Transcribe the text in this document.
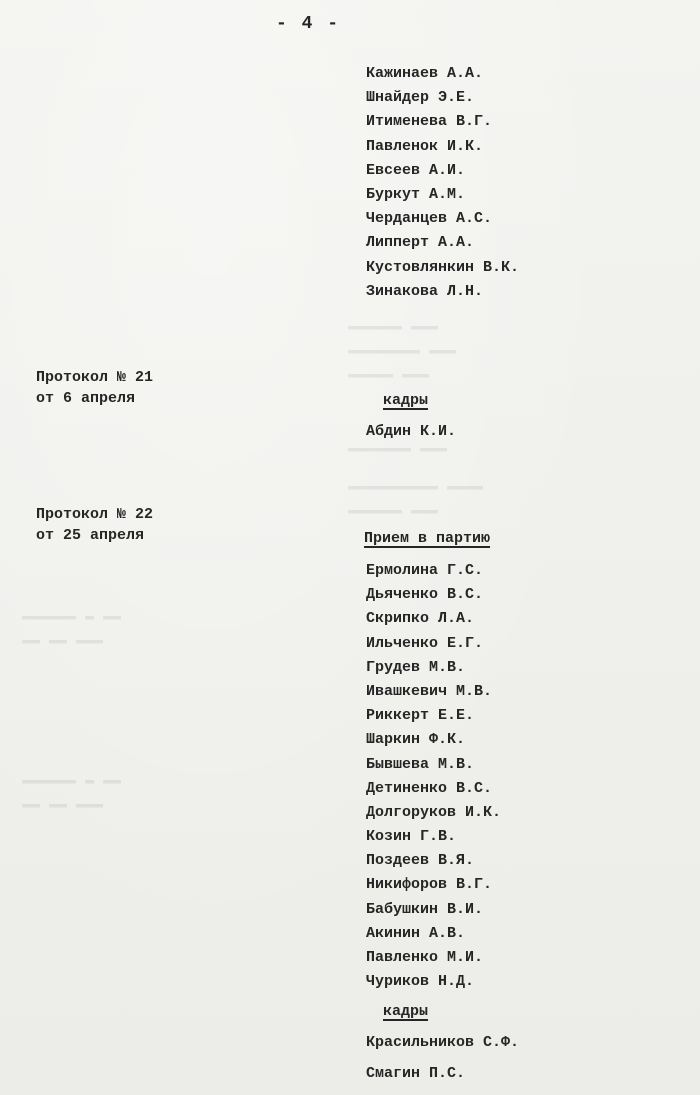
▬▬▬▬▬▬ ▬ ▬▬
▬▬ ▬▬ ▬▬▬
▬▬▬▬▬▬ ▬ ▬▬
▬▬ ▬▬ ▬▬▬
▬▬▬▬▬▬ ▬▬▬
▬▬▬▬▬▬▬▬ ▬▬▬
▬▬▬▬▬ ▬▬▬
▬▬▬▬▬▬▬ ▬▬▬
▬▬▬▬▬▬▬▬▬▬ ▬▬▬▬
▬▬▬▬▬▬ ▬▬▬
- 4 -
Кажинаев А.А.
Шнайдер Э.Е.
Итименева В.Г.
Павленок И.К.
Евсеев А.И.
Буркут А.М.
Черданцев А.С.
Липперт А.А.
Кустовлянкин В.К.
Зинакова Л.Н.
Протокол № 21
от 6 апреля	кадры
Абдин К.И.
Протокол № 22
от 25 апреля	Прием в партию
Ермолина Г.С.
Дьяченко В.С.
Скрипко Л.А.
Ильченко Е.Г.
Грудев М.В.
Ивашкевич М.В.
Риккерт Е.Е.
Шаркин Ф.К.
Бывшева М.В.
Детиненко В.С.
Долгоруков И.К.
Козин Г.В.
Поздеев В.Я.
Никифоров В.Г.
Бабушкин В.И.
Акинин А.В.
Павленко М.И.
Чуриков Н.Д.
кадры
Красильников С.Ф.
Смагин П.С.
